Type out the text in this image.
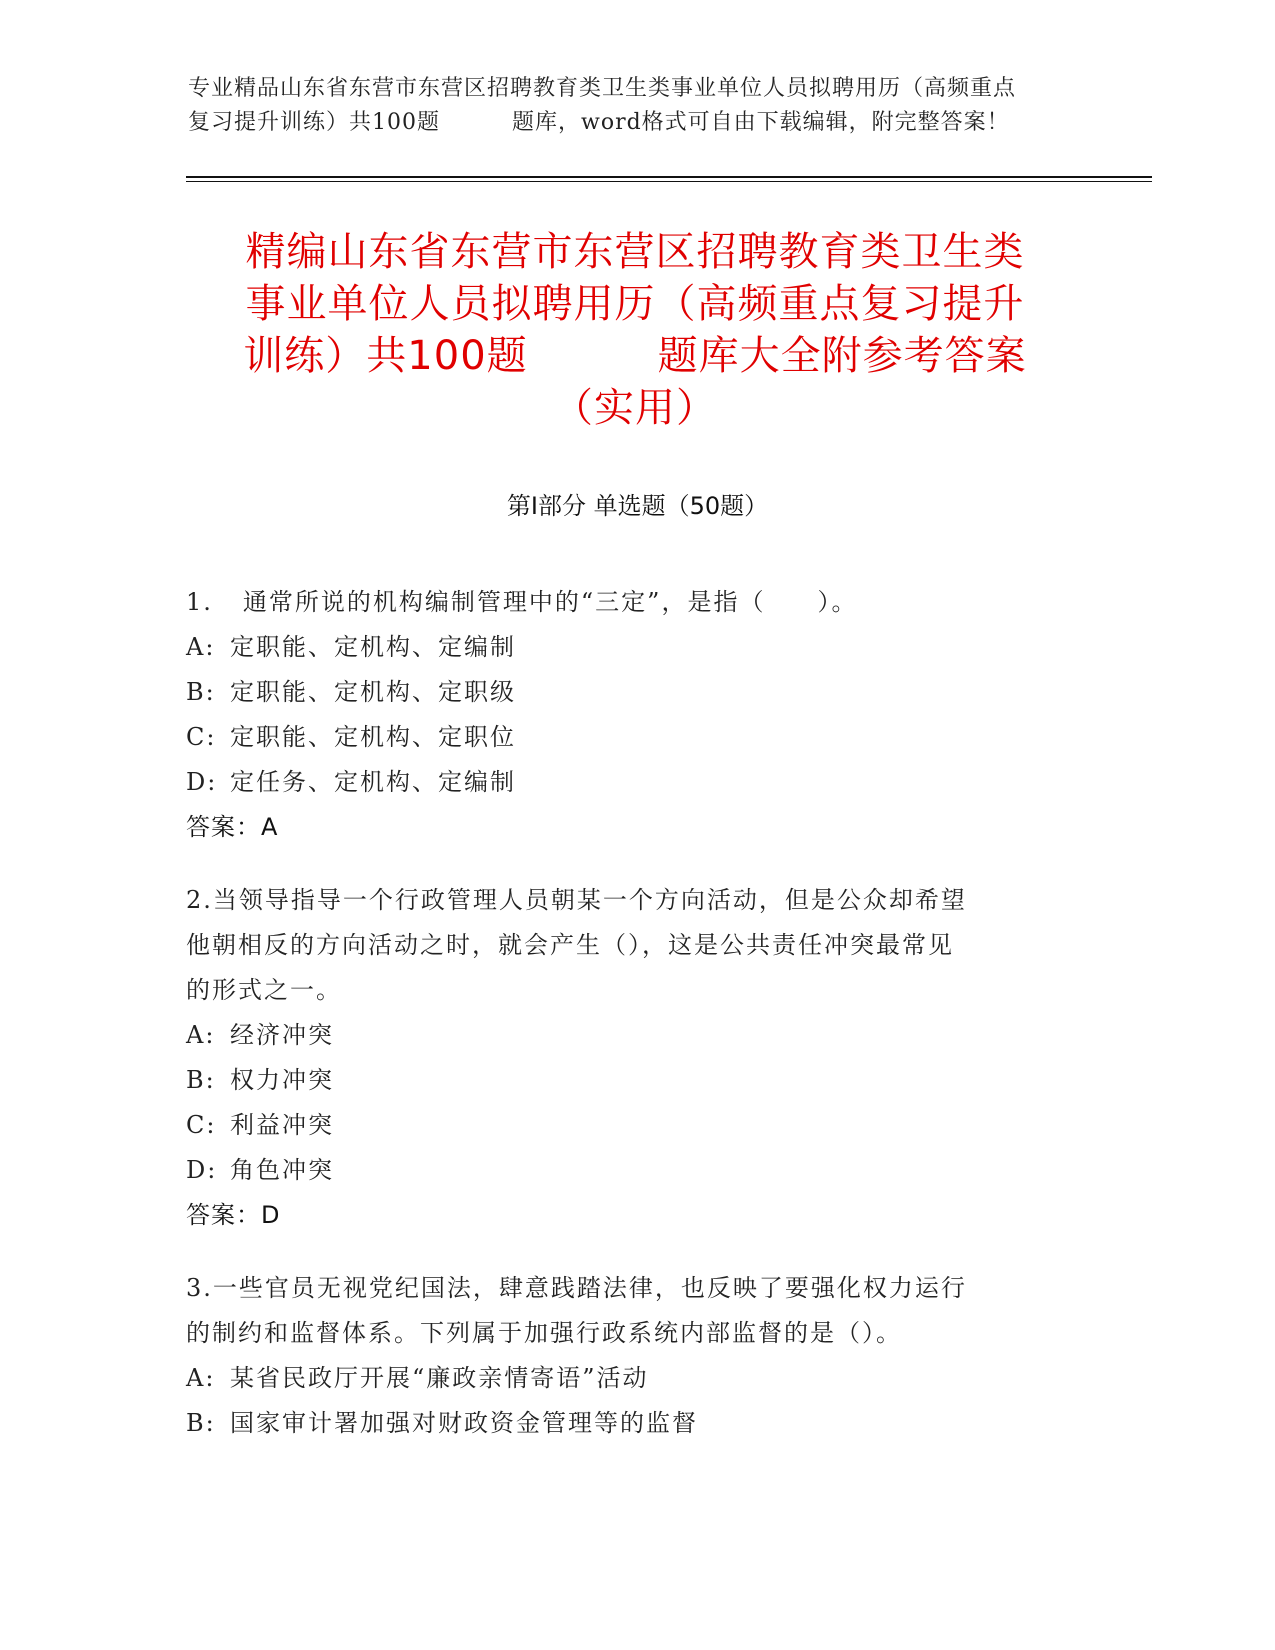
专业精品山东省东营市东营区招聘教育类卫生类事业单位人员拟聘用历（高频重点
复习提升训练）共100题	题库，word格式可自由下载编辑，附完整答案！
精编山东省东营市东营区招聘教育类卫生类
事业单位人员拟聘用历（高频重点复习提升
训练）共100题	题库大全附参考答案
（实用）
第Ⅰ部分 单选题（50题）
1. 通常所说的机构编制管理中的“三定”，是指（　　）。
A: 定职能、定机构、定编制
B: 定职能、定机构、定职级
C: 定职能、定机构、定职位
D: 定任务、定机构、定编制
答案：A
2.当领导指导一个行政管理人员朝某一个方向活动，但是公众却希望
他朝相反的方向活动之时，就会产生（），这是公共责任冲突最常见
的形式之一。
A: 经济冲突
B: 权力冲突
C: 利益冲突
D: 角色冲突
答案：D
3.一些官员无视党纪国法，肆意践踏法律，也反映了要强化权力运行
的制约和监督体系。下列属于加强行政系统内部监督的是（）。
A: 某省民政厅开展“廉政亲情寄语”活动
B: 国家审计署加强对财政资金管理等的监督
